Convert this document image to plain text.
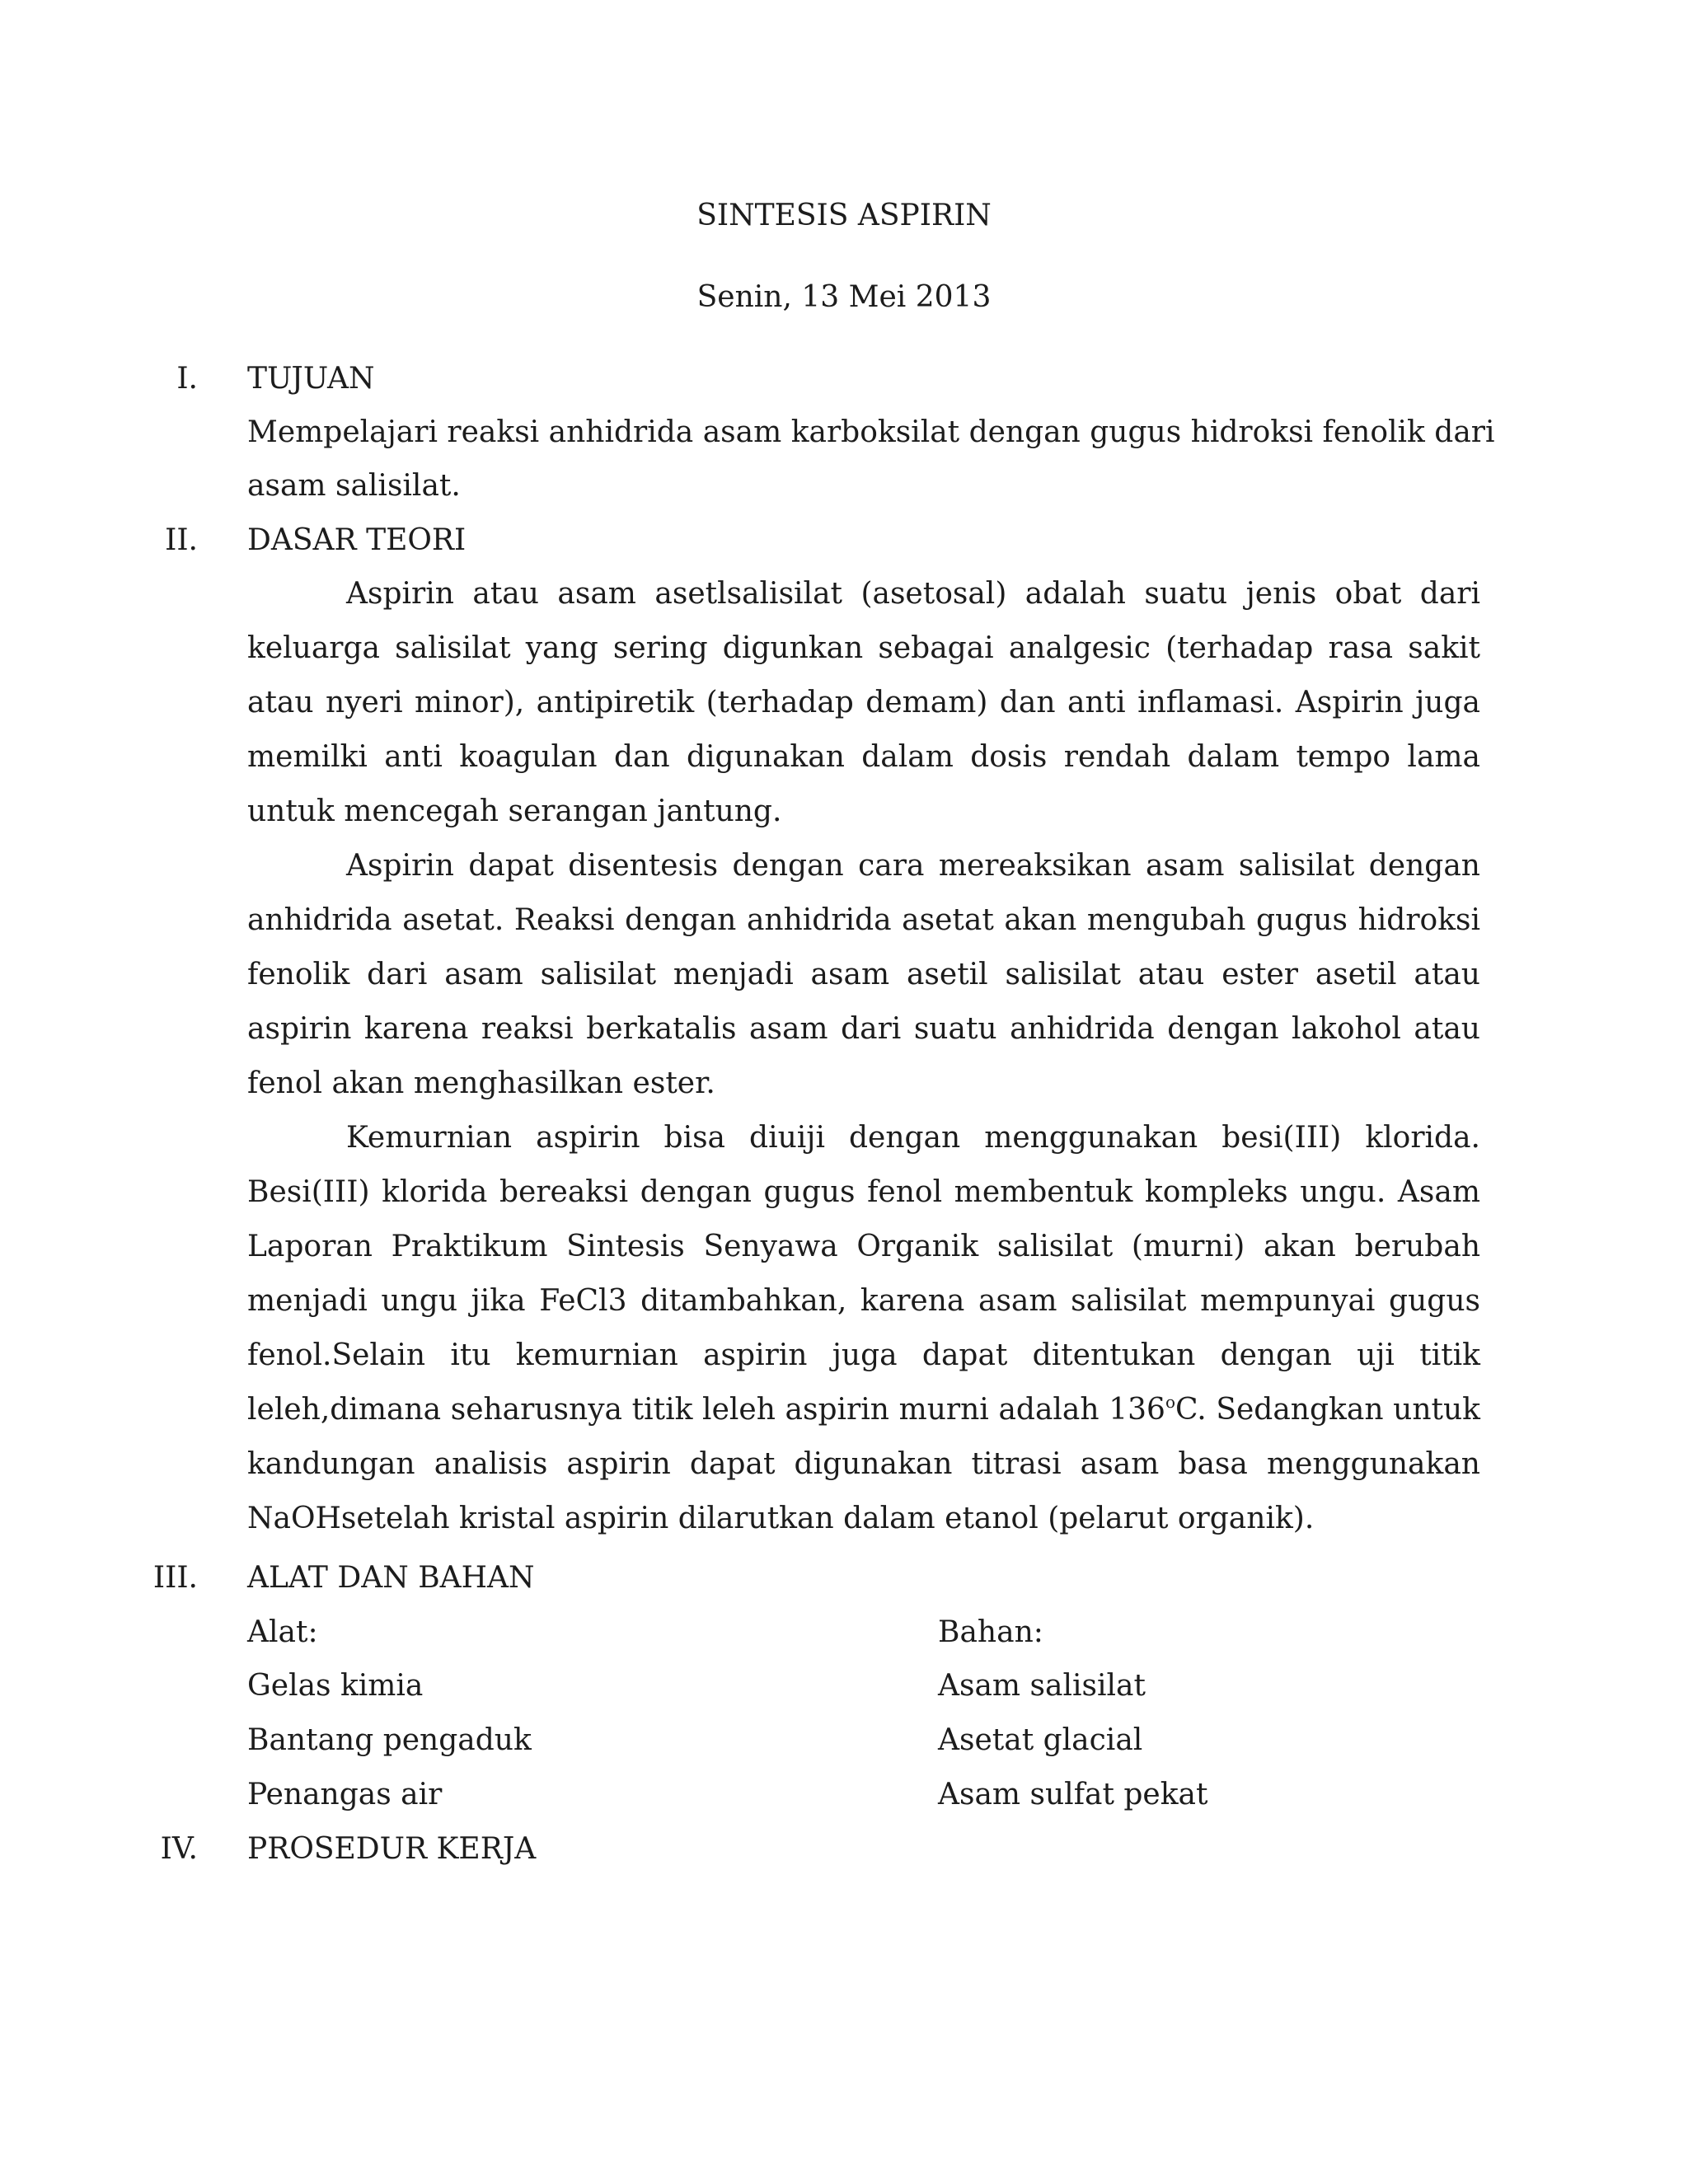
SINTESIS ASPIRIN
Senin, 13 Mei 2013
I. TUJUAN
Mempelajari reaksi anhidrida asam karboksilat dengan gugus hidroksi fenolik dari
asam salisilat.
II. DASAR TEORI

Aspirin atau asam asetlsalisilat (asetosal) adalah suatu jenis obat dari keluarga salisilat yang sering digunkan sebagai analgesic (terhadap rasa sakit atau nyeri minor), antipiretik (terhadap demam) dan anti inflamasi. Aspirin juga memilki anti koagulan dan digunakan dalam dosis rendah dalam tempo lama untuk mencegah serangan jantung.

Aspirin dapat disentesis dengan cara mereaksikan asam salisilat dengan anhidrida asetat. Reaksi dengan anhidrida asetat akan mengubah gugus hidroksi fenolik dari asam salisilat menjadi asam asetil salisilat atau ester asetil atau aspirin karena reaksi berkatalis asam dari suatu anhidrida dengan lakohol atau fenol akan menghasilkan ester.

Kemurnian aspirin bisa diuiji dengan menggunakan besi(III) klorida. Besi(III) klorida bereaksi dengan gugus fenol membentuk kompleks ungu. Asam Laporan Praktikum Sintesis Senyawa Organik salisilat (murni) akan berubah menjadi ungu jika FeCl3 ditambahkan, karena asam salisilat mempunyai gugus fenol.Selain itu kemurnian aspirin juga dapat ditentukan dengan uji titik leleh,dimana seharusnya titik leleh aspirin murni adalah 136$^o$C. Sedangkan untuk kandungan analisis aspirin dapat digunakan titrasi asam basa menggunakan NaOHsetelah kristal aspirin dilarutkan dalam etanol (pelarut organik).

III. ALAT DAN BAHAN
Alat:	Bahan:
Gelas kimia	Asam salisilat
Bantang pengaduk	Asetat glacial
Penangas air	Asam sulfat pekat
IV. PROSEDUR KERJA
